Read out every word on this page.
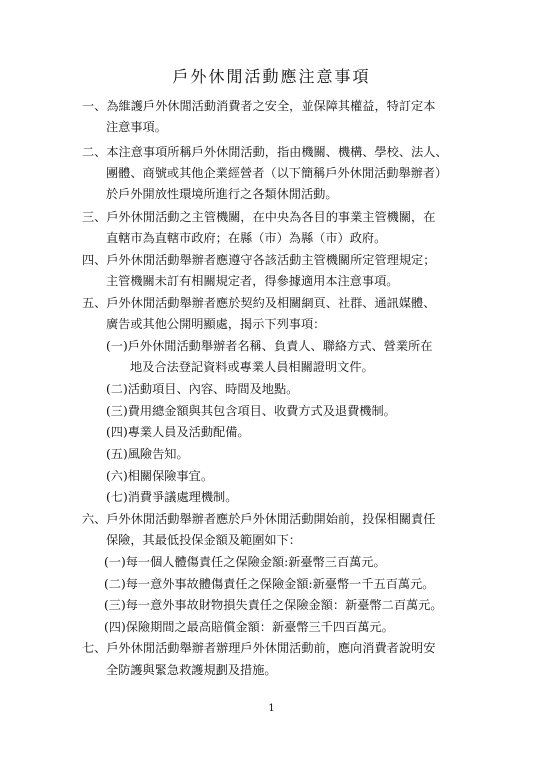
戶外休閒活動應注意事項
一、為維護戶外休閒活動消費者之安全，並保障其權益，特訂定本
注意事項。
二、本注意事項所稱戶外休閒活動，指由機關、機構、學校、法人、
團體、商號或其他企業經營者（以下簡稱戶外休閒活動舉辦者）
於戶外開放性環境所進行之各類休閒活動。
三、戶外休閒活動之主管機關，在中央為各目的事業主管機關，在
直轄市為直轄市政府；在縣（市）為縣（市）政府。
四、戶外休閒活動舉辦者應遵守各該活動主管機關所定管理規定；
主管機關未訂有相關規定者，得參據適用本注意事項。
五、戶外休閒活動舉辦者應於契約及相關網頁、社群、通訊媒體、
廣告或其他公開明顯處，揭示下列事項：
(一)戶外休閒活動舉辦者名稱、負責人、聯絡方式、營業所在
地及合法登記資料或專業人員相關證明文件。
(二)活動項目、內容、時間及地點。
(三)費用總金額與其包含項目、收費方式及退費機制。
(四)專業人員及活動配備。
(五)風險告知。
(六)相關保險事宜。
(七)消費爭議處理機制。
六、戶外休閒活動舉辦者應於戶外休閒活動開始前，投保相關責任
保險，其最低投保金額及範圍如下：
(一)每一個人體傷責任之保險金額:新臺幣三百萬元。
(二)每一意外事故體傷責任之保險金額:新臺幣一千五百萬元。
(三)每一意外事故財物損失責任之保險金額：新臺幣二百萬元。
(四)保險期間之最高賠償金額：新臺幣三千四百萬元。
七、戶外休閒活動舉辦者辦理戶外休閒活動前，應向消費者說明安
全防護與緊急救護規劃及措施。
1
